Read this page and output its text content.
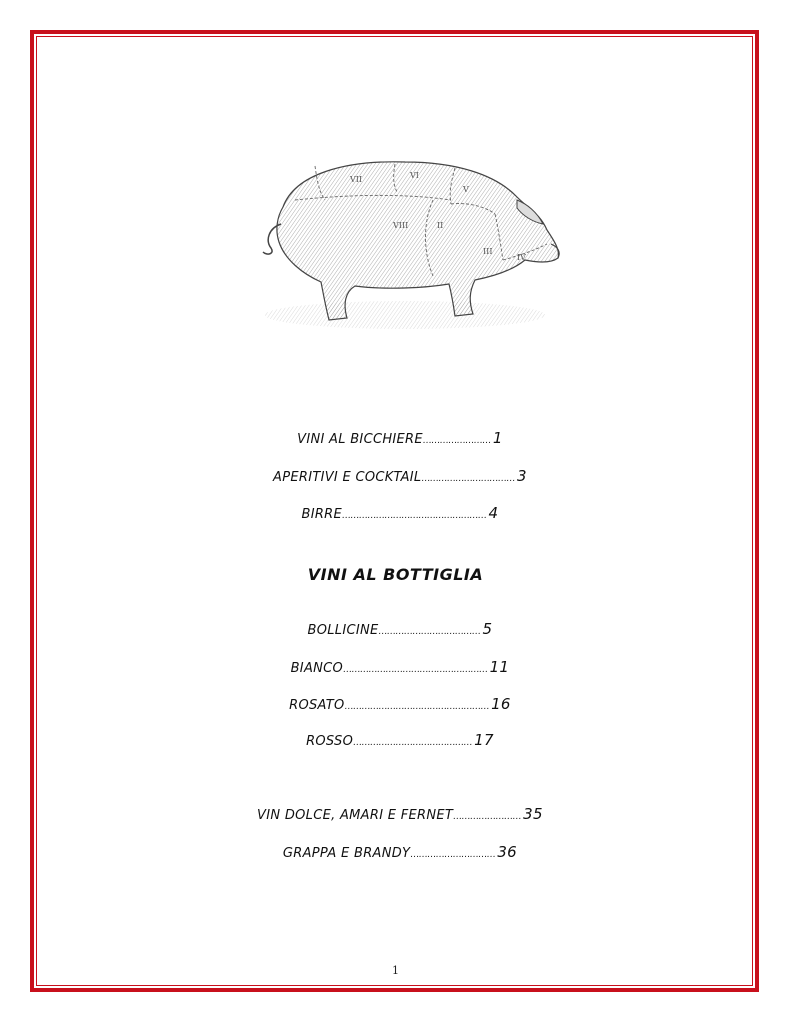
VII	VI
V
VIII	II
III
IV

VINI AL BICCHIERE…………………… 1

APERITIVI E COCKTAIL…………………………… 3

BIRRE…………………………………………… 4

VINI AL BOTTIGLIA

BOLLICINE……………………………… 5

BIANCO…………………………………………… 11

ROSATO…………………………………………… 16

ROSSO…………………………………… 17

VIN DOLCE, AMARI E FERNET…………………… 35

GRAPPA E BRANDY………………………… 36

1
